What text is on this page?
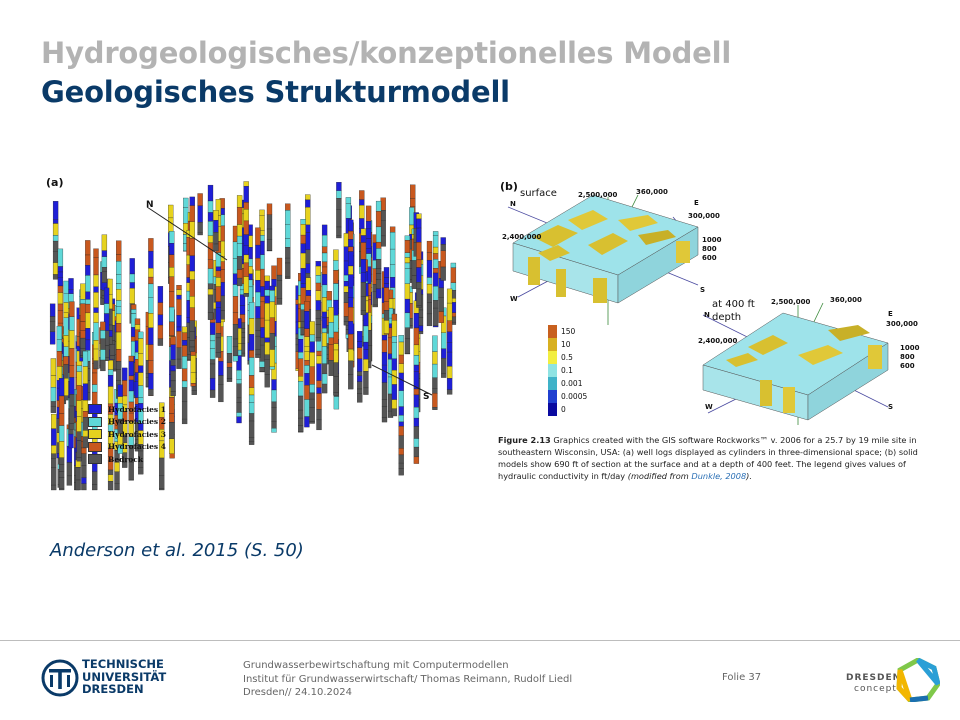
Hydrogeologisches/konzeptionelles Modell
Geologisches Strukturmodell
(a)
N
S
Hydrofacies 1
Hydrofacies 2
Hydrofacies 3
Hydrofacies 4
Bedrock
(b)
surface
at 400 ft depth
2,500,000	360,000
300,000
2,400,000
N	E
W
S
1000
800
600
2,500,000	360,000
300,000
2,400,000
N	E
W	S
1000
800
600
150
10
0.5
0.1
0.001
0.0005
0
Figure 2.13 Graphics created with the GIS software Rockworks™ v. 2006 for a 25.7 by 19 mile site in southeastern Wisconsin, USA: (a) well logs displayed as cylinders in three-dimensional space; (b) solid models show 690 ft of section at the surface and at a depth of 400 feet. The legend gives values of hydraulic conductivity in ft/day (modified from Dunkle, 2008).
Anderson et al. 2015 (S. 50)
TECHNISCHE
UNIVERSITÄT
DRESDEN
Grundwasserbewirtschaftung mit Computermodellen
Institut für Grundwasserwirtschaft/ Thomas Reimann, Rudolf Liedl
Dresden// 24.10.2024
Folie 37	DRESDEN
concept
